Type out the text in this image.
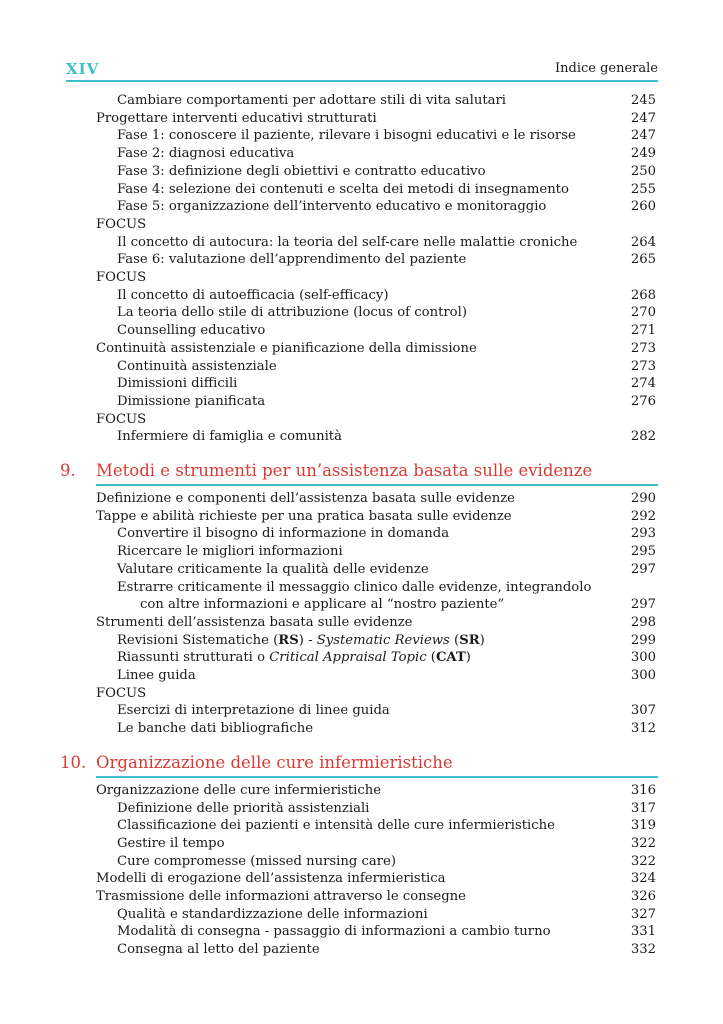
XIV	Indice generale
Cambiare comportamenti per adottare stili di vita salutari	245
Progettare interventi educativi strutturati	247
Fase 1: conoscere il paziente, rilevare i bisogni educativi e le risorse	247
Fase 2: diagnosi educativa	249
Fase 3: definizione degli obiettivi e contratto educativo	250
Fase 4: selezione dei contenuti e scelta dei metodi di insegnamento	255
Fase 5: organizzazione dell’intervento educativo e monitoraggio	260
FOCUS
Il concetto di autocura: la teoria del self-care nelle malattie croniche	264
Fase 6: valutazione dell’apprendimento del paziente	265
FOCUS
Il concetto di autoefficacia (self-efficacy)	268
La teoria dello stile di attribuzione (locus of control)	270
Counselling educativo	271
Continuità assistenziale e pianificazione della dimissione	273
Continuità assistenziale	273
Dimissioni difficili	274
Dimissione pianificata	276
FOCUS
Infermiere di famiglia e comunità	282
9. Metodi e strumenti per un’assistenza basata sulle evidenze
Definizione e componenti dell’assistenza basata sulle evidenze	290
Tappe e abilità richieste per una pratica basata sulle evidenze	292
Convertire il bisogno di informazione in domanda	293
Ricercare le migliori informazioni	295
Valutare criticamente la qualità delle evidenze	297
Estrarre criticamente il messaggio clinico dalle evidenze, integrandolo
con altre informazioni e applicare al “nostro paziente”	297
Strumenti dell’assistenza basata sulle evidenze	298
Revisioni Sistematiche (RS) - Systematic Reviews (SR)	299
Riassunti strutturati o Critical Appraisal Topic (CAT)	300
Linee guida	300
FOCUS
Esercizi di interpretazione di linee guida	307
Le banche dati bibliografiche	312
10. Organizzazione delle cure infermieristiche
Organizzazione delle cure infermieristiche	316
Definizione delle priorità assistenziali	317
Classificazione dei pazienti e intensità delle cure infermieristiche	319
Gestire il tempo	322
Cure compromesse (missed nursing care)	322
Modelli di erogazione dell’assistenza infermieristica	324
Trasmissione delle informazioni attraverso le consegne	326
Qualità e standardizzazione delle informazioni	327
Modalità di consegna - passaggio di informazioni a cambio turno	331
Consegna al letto del paziente	332
